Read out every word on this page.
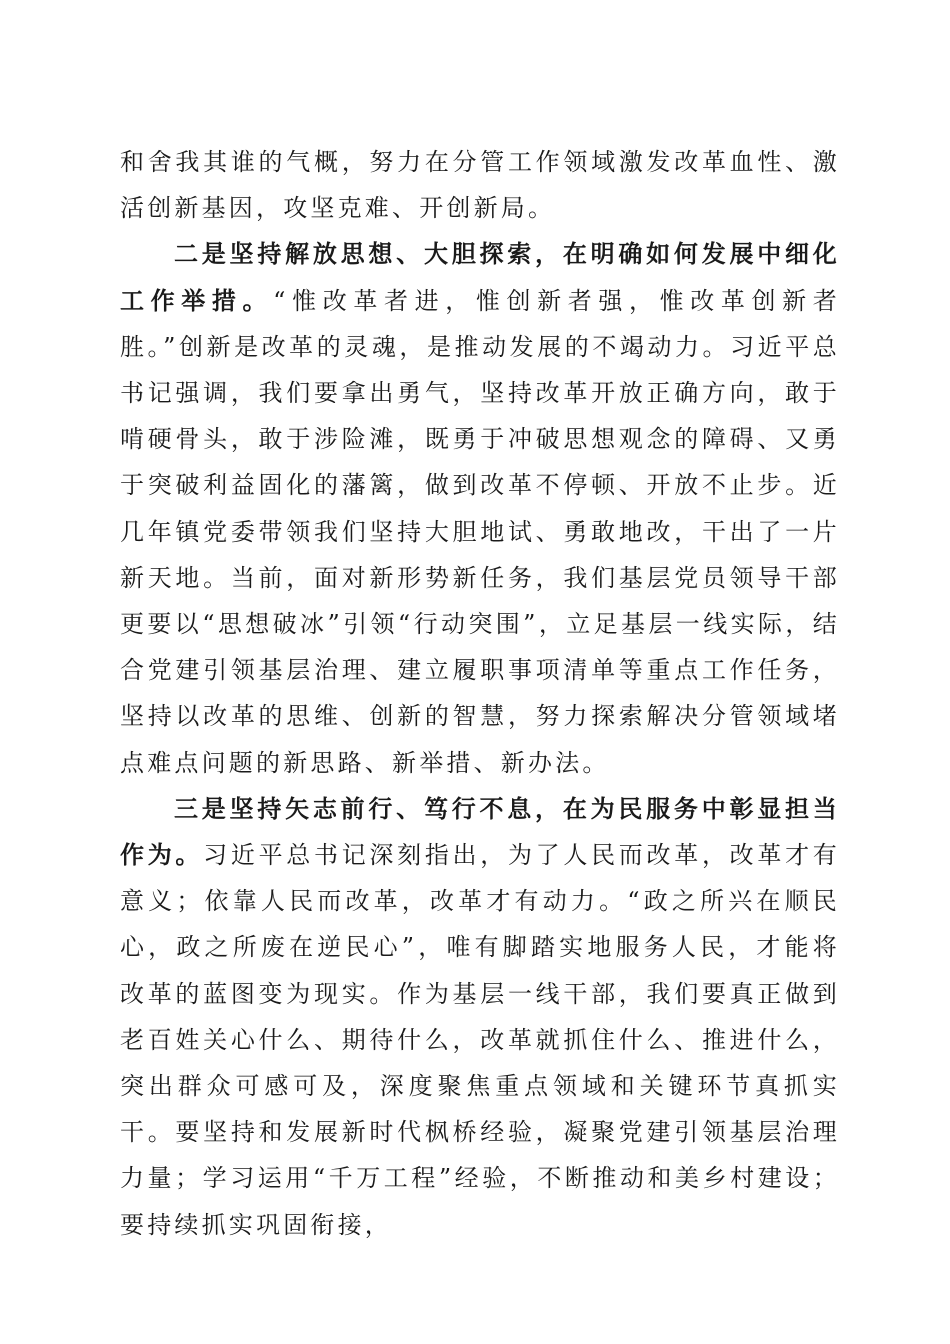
和舍我其谁的气概，努力在分管工作领域激发改革血性、激活创新基因，攻坚克难、开创新局。

二是坚持解放思想、大胆探索，在明确如何发展中细化工作举措。“惟改革者进，惟创新者强，惟改革创新者胜。”创新是改革的灵魂，是推动发展的不竭动力。习近平总书记强调，我们要拿出勇气，坚持改革开放正确方向，敢于啃硬骨头，敢于涉险滩，既勇于冲破思想观念的障碍、又勇于突破利益固化的藩篱，做到改革不停顿、开放不止步。近几年镇党委带领我们坚持大胆地试、勇敢地改，干出了一片新天地。当前，面对新形势新任务，我们基层党员领导干部更要以“思想破冰”引领“行动突围”，立足基层一线实际，结合党建引领基层治理、建立履职事项清单等重点工作任务，坚持以改革的思维、创新的智慧，努力探索解决分管领域堵点难点问题的新思路、新举措、新办法。

三是坚持矢志前行、笃行不息，在为民服务中彰显担当作为。习近平总书记深刻指出，为了人民而改革，改革才有意义；依靠人民而改革，改革才有动力。“政之所兴在顺民心，政之所废在逆民心”，唯有脚踏实地服务人民，才能将改革的蓝图变为现实。作为基层一线干部，我们要真正做到老百姓关心什么、期待什么，改革就抓住什么、推进什么，突出群众可感可及，深度聚焦重点领域和关键环节真抓实干。要坚持和发展新时代枫桥经验，凝聚党建引领基层治理力量；学习运用“千万工程”经验，不断推动和美乡村建设；要持续抓实巩固衔接，
